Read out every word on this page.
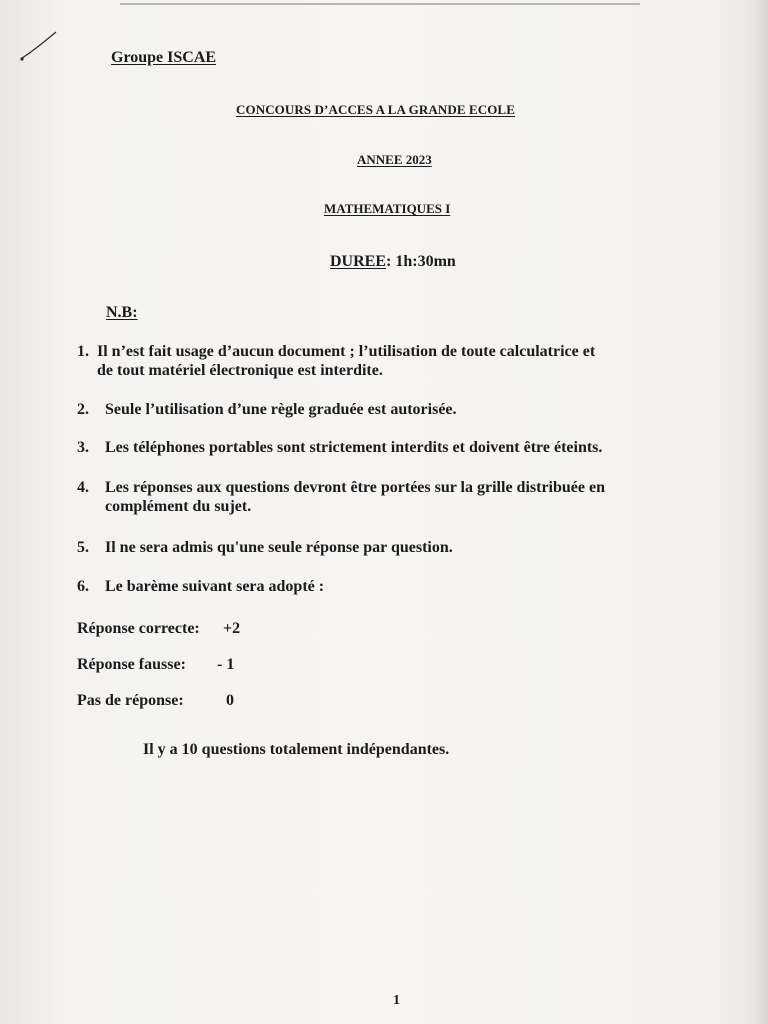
Groupe ISCAE
CONCOURS D’ACCES A LA GRANDE ECOLE
ANNEE 2023
MATHEMATIQUES I
DUREE: 1h:30mn
N.B:
1. Il n’est fait usage d’aucun document ; l’utilisation de toute calculatrice et
de tout matériel électronique est interdite.
2. Seule l’utilisation d’une règle graduée est autorisée.
3. Les téléphones portables sont strictement interdits et doivent être éteints.
4. Les réponses aux questions devront être portées sur la grille distribuée en
complément du sujet.
5. Il ne sera admis qu'une seule réponse par question.
6. Le barème suivant sera adopté :
Réponse correcte: +2
Réponse fausse: - 1
Pas de réponse:	0
Il y a 10 questions totalement indépendantes.
1
